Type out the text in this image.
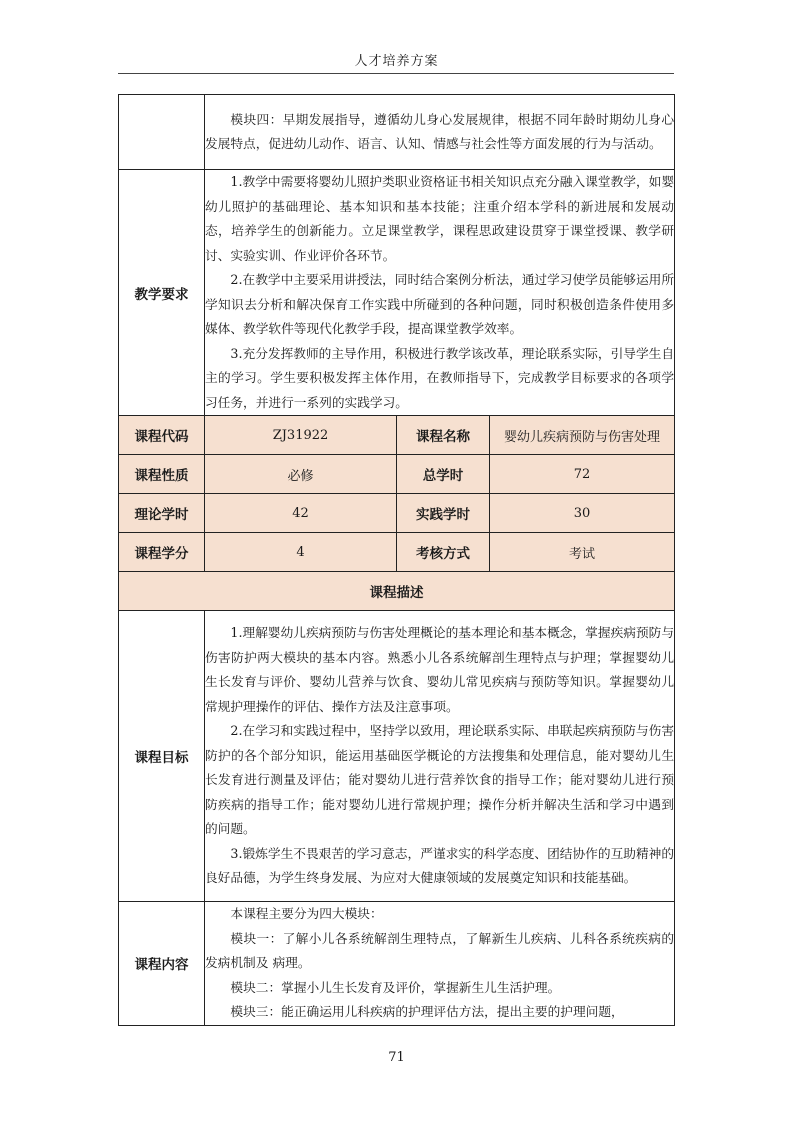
人才培养方案

	模块四：早期发展指导，遵循幼儿身心发展规律，根据不同年龄时期幼儿身心发展特点，促进幼儿动作、语言、认知、情感与社会性等方面发展的行为与活动。		

教学要求	1.教学中需要将婴幼儿照护类职业资格证书相关知识点充分融入课堂教学，如婴幼儿照护的基础理论、基本知识和基本技能；注重介绍本学科的新进展和发展动态，培养学生的创新能力。立足课堂教学，课程思政建设贯穿于课堂授课、教学研讨、实验实训、作业评价各环节。

2.在教学中主要采用讲授法，同时结合案例分析法，通过学习使学员能够运用所学知识去分析和解决保育工作实践中所碰到的各种问题，同时积极创造条件使用多媒体、教学软件等现代化教学手段，提高课堂教学效率。

3.充分发挥教师的主导作用，积极进行教学该改革，理论联系实际，引导学生自主的学习。学生要积极发挥主体作用，在教师指导下，完成教学目标要求的各项学习任务，并进行一系列的实践学习。		

课程代码	ZJ31922	课程名称	婴幼儿疾病预防与伤害处理
课程性质	必修	总学时	72
理论学时	42	实践学时	30
课程学分	4	考核方式	考试
课程描述			
课程目标	1.理解婴幼儿疾病预防与伤害处理概论的基本理论和基本概念，掌握疾病预防与伤害防护两大模块的基本内容。熟悉小儿各系统解剖生理特点与护理；掌握婴幼儿生长发育与评价、婴幼儿营养与饮食、婴幼儿常见疾病与预防等知识。掌握婴幼儿常规护理操作的评估、操作方法及注意事项。

2.在学习和实践过程中，坚持学以致用，理论联系实际、串联起疾病预防与伤害防护的各个部分知识，能运用基础医学概论的方法搜集和处理信息，能对婴幼儿生长发育进行测量及评估；能对婴幼儿进行营养饮食的指导工作；能对婴幼儿进行预防疾病的指导工作；能对婴幼儿进行常规护理；操作分析并解决生活和学习中遇到的问题。

3.锻炼学生不畏艰苦的学习意志，严谨求实的科学态度、团结协作的互助精神的良好品德，为学生终身发展、为应对大健康领域的发展奠定知识和技能基础。		

课程内容	本课程主要分为四大模块：

模块一：了解小儿各系统解剖生理特点，了解新生儿疾病、儿科各系统疾病的发病机制及 病理。

模块二：掌握小儿生长发育及评价，掌握新生儿生活护理。

模块三：能正确运用儿科疾病的护理评估方法，提出主要的护理问题，		

71
